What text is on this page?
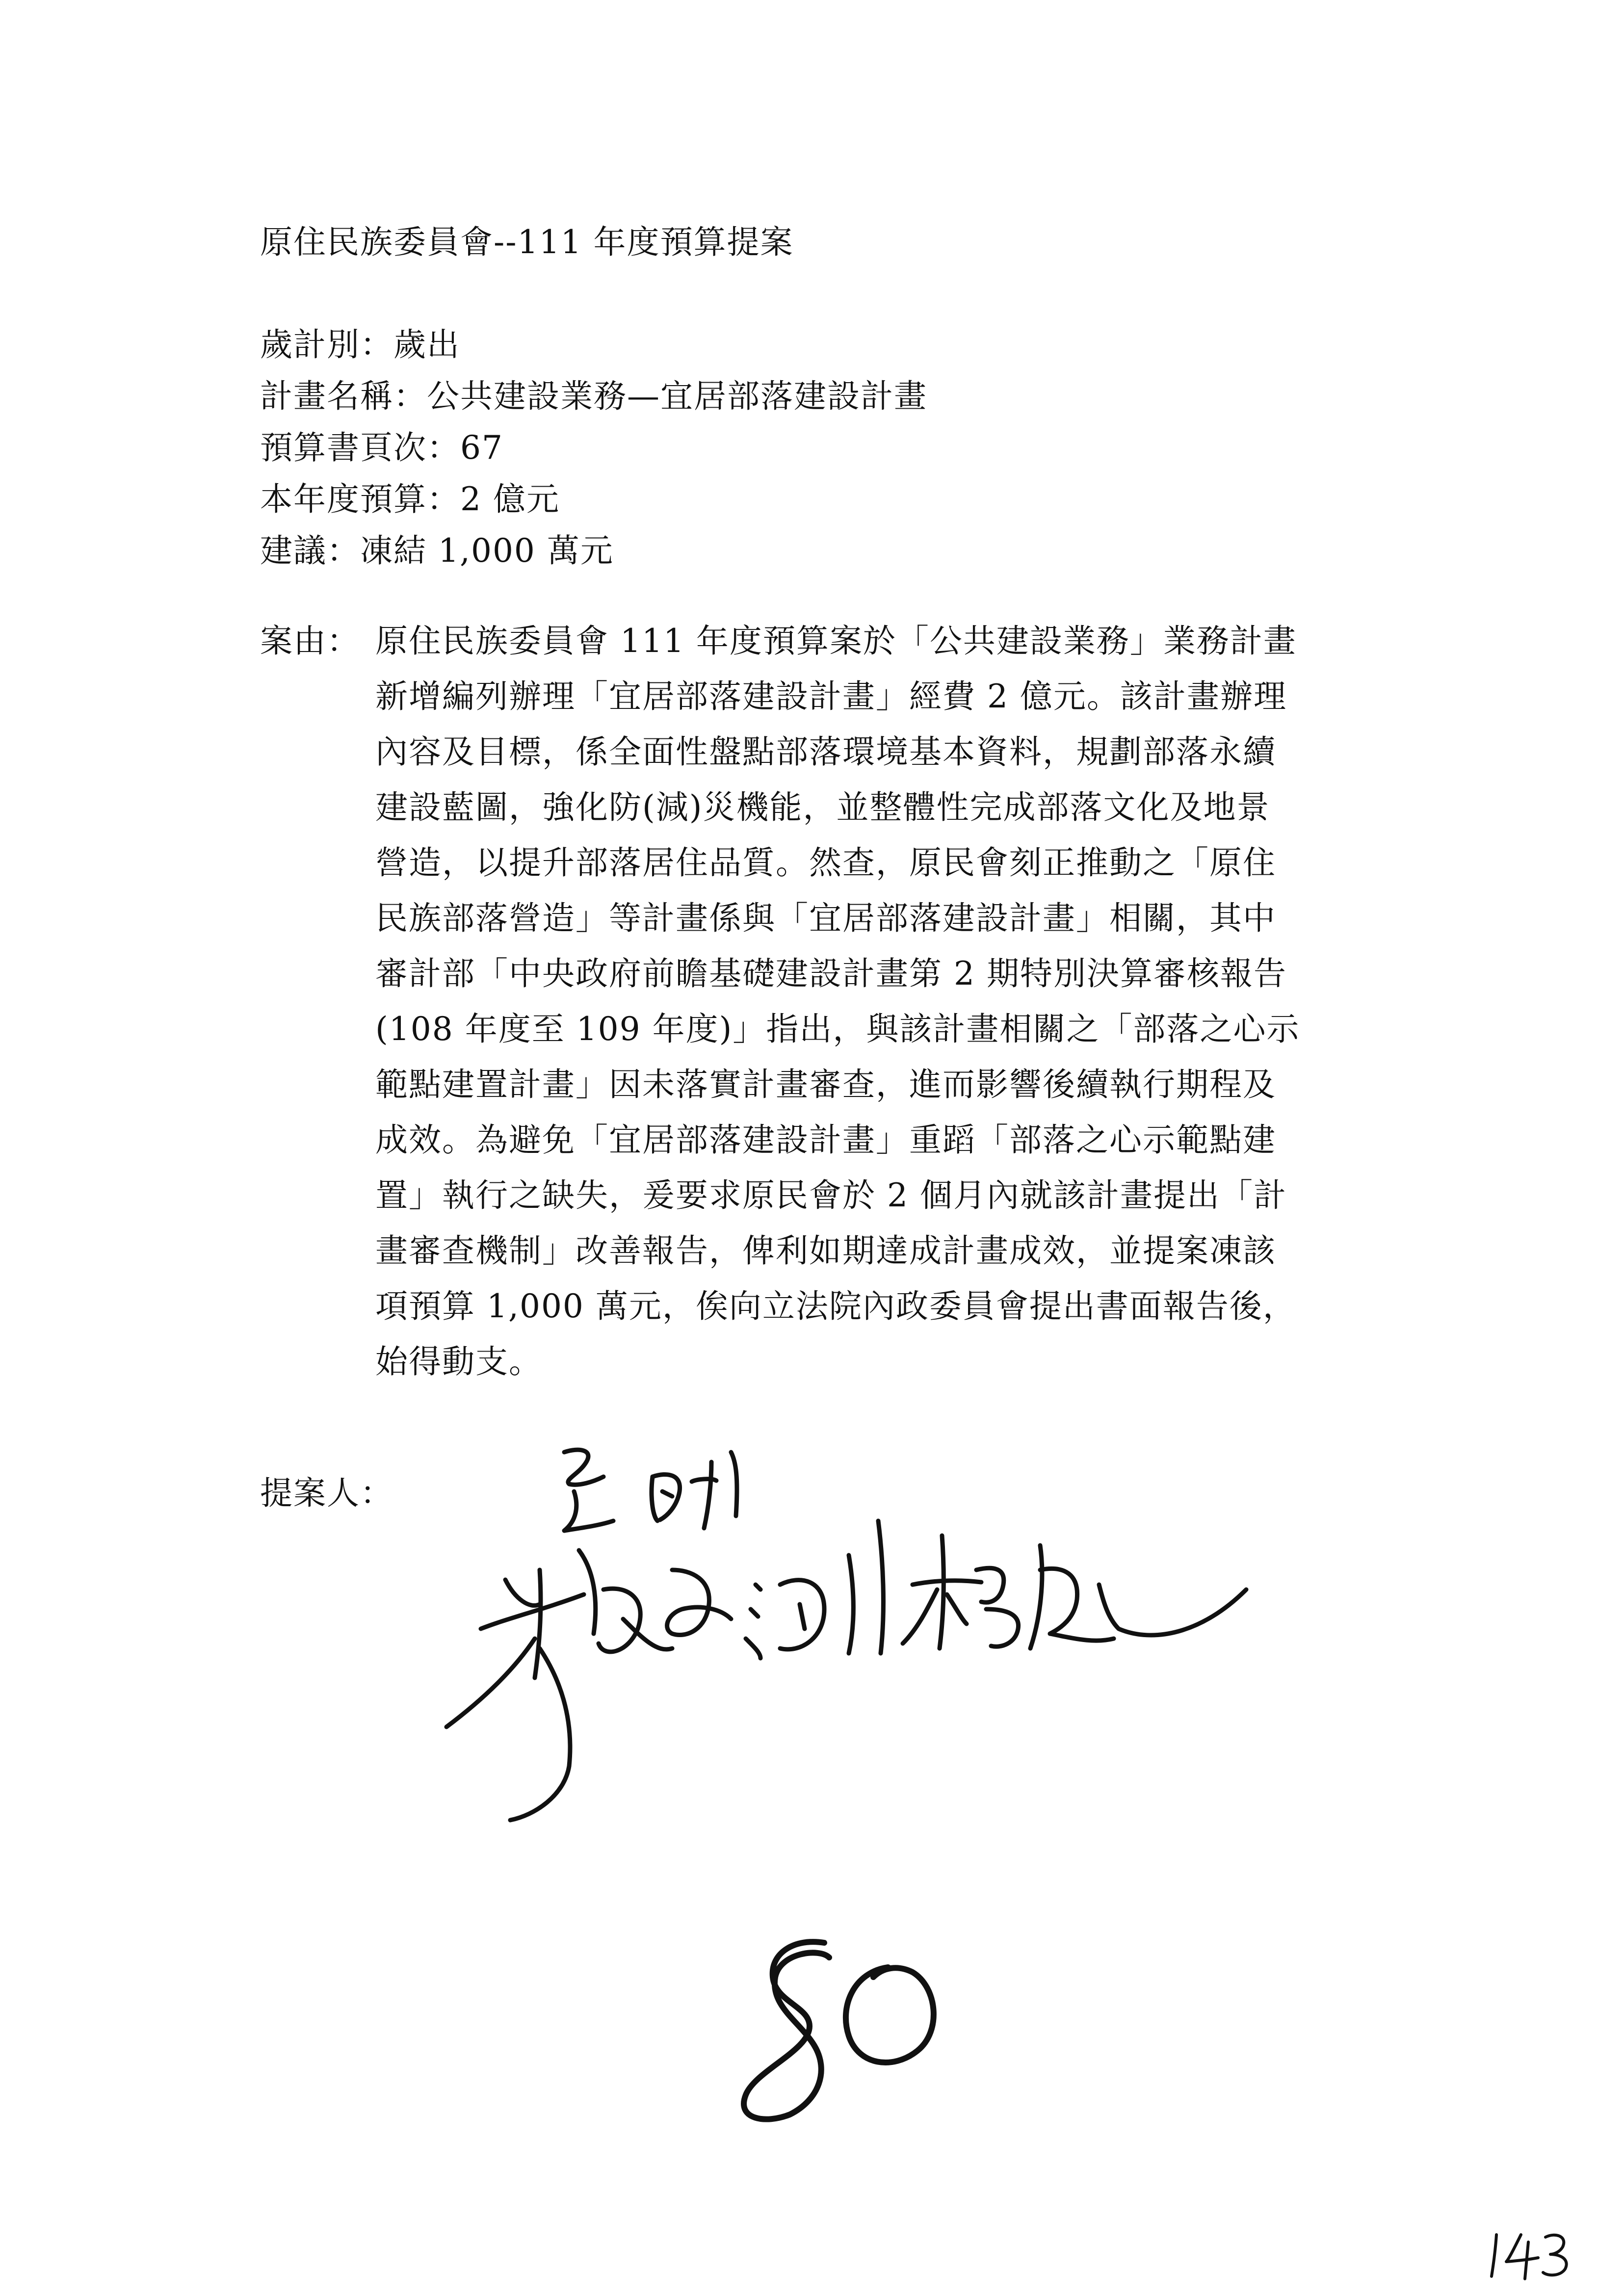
原住民族委員會--111 年度預算提案
歲計別：歲出
計畫名稱：公共建設業務—宜居部落建設計畫
預算書頁次：67
本年度預算：2 億元
建議：凍結 1,000 萬元
案由： 原住民族委員會 111 年度預算案於「公共建設業務」業務計畫
新增編列辦理「宜居部落建設計畫」經費 2 億元。該計畫辦理
內容及目標，係全面性盤點部落環境基本資料，規劃部落永續
建設藍圖，強化防(減)災機能，並整體性完成部落文化及地景
營造，以提升部落居住品質。然查，原民會刻正推動之「原住
民族部落營造」等計畫係與「宜居部落建設計畫」相關，其中
審計部「中央政府前瞻基礎建設計畫第 2 期特別決算審核報告
(108 年度至 109 年度)」指出，與該計畫相關之「部落之心示
範點建置計畫」因未落實計畫審查，進而影響後續執行期程及
成效。為避免「宜居部落建設計畫」重蹈「部落之心示範點建
置」執行之缺失，爰要求原民會於 2 個月內就該計畫提出「計
畫審查機制」改善報告，俾利如期達成計畫成效，並提案凍該
項預算 1,000 萬元，俟向立法院內政委員會提出書面報告後，
始得動支。
提案人：
